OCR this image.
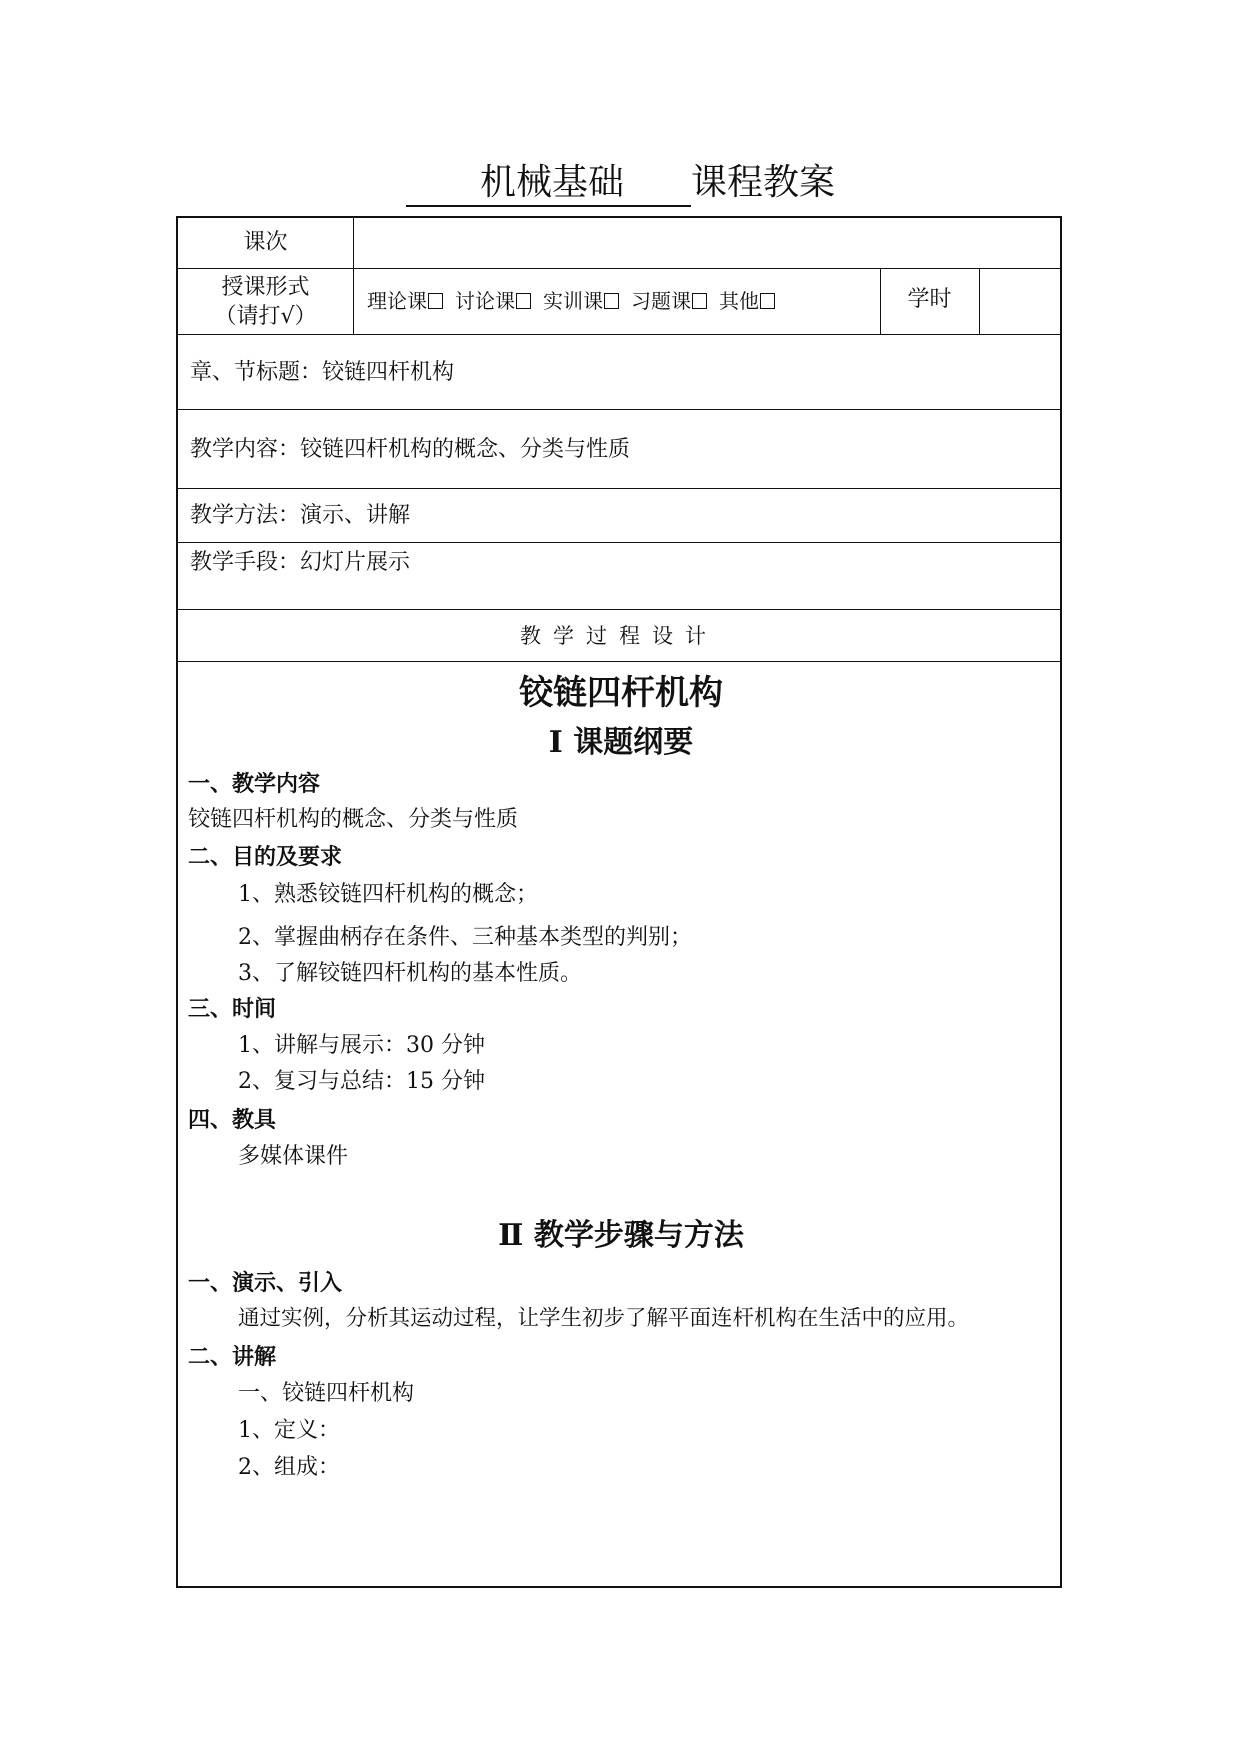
机械基础 课程教案
课次
授课形式
（请打√）
理论课 讨论课 实训课 习题课 其他	学时
章、节标题：铰链四杆机构
教学内容：铰链四杆机构的概念、分类与性质
教学方法：演示、讲解
教学手段：幻灯片展示
教学过程设计
铰链四杆机构
Ⅰ 课题纲要
一、教学内容
铰链四杆机构的概念、分类与性质
二、目的及要求
1、熟悉铰链四杆机构的概念；
2、掌握曲柄存在条件、三种基本类型的判别；
3、了解铰链四杆机构的基本性质。
三、时间
1、讲解与展示：30 分钟
2、复习与总结：15 分钟
四、教具
多媒体课件
Ⅱ 教学步骤与方法
一、演示、引入
通过实例，分析其运动过程，让学生初步了解平面连杆机构在生活中的应用。
二、讲解
一、铰链四杆机构
1、定义：
2、组成：
